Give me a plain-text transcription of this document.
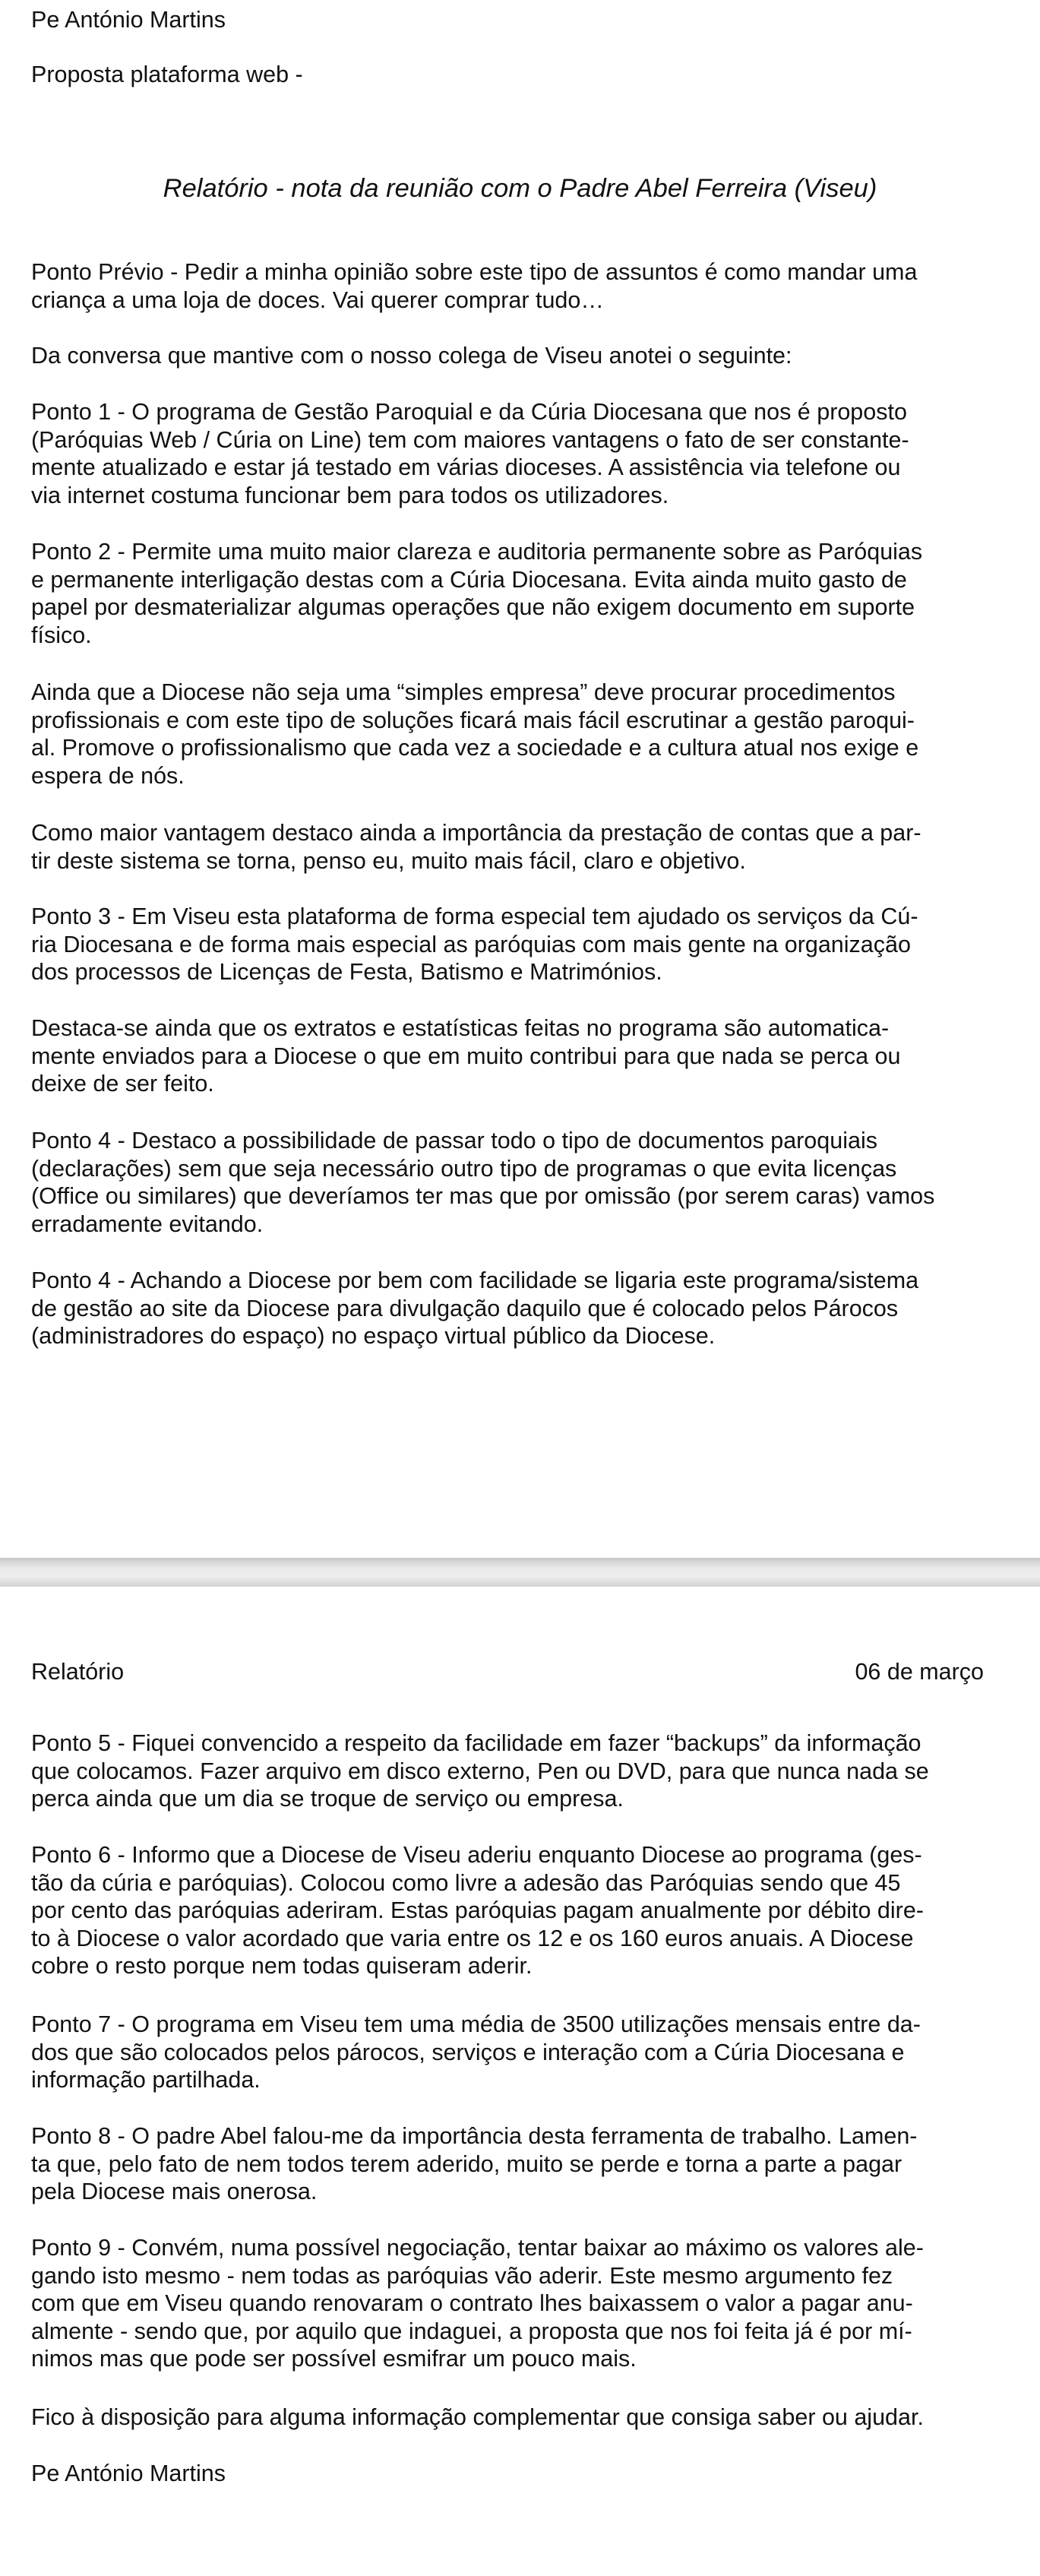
Pe António Martins
Proposta plataforma web -
Relatório - nota da reunião com o Padre Abel Ferreira (Viseu)

Ponto Prévio - Pedir a minha opinião sobre este tipo de assuntos é como mandar uma
criança a uma loja de doces. Vai querer comprar tudo…

Da conversa que mantive com o nosso colega de Viseu anotei o seguinte:

Ponto 1 - O programa de Gestão Paroquial e da Cúria Diocesana que nos é proposto
(Paróquias Web / Cúria on Line) tem com maiores vantagens o fato de ser constante-
mente atualizado e estar já testado em várias dioceses. A assistência via telefone ou
via internet costuma funcionar bem para todos os utilizadores.

Ponto 2 - Permite uma muito maior clareza e auditoria permanente sobre as Paróquias
e permanente interligação destas com a Cúria Diocesana. Evita ainda muito gasto de
papel por desmaterializar algumas operações que não exigem documento em suporte
físico.

Ainda que a Diocese não seja uma “simples empresa” deve procurar procedimentos
profissionais e com este tipo de soluções ficará mais fácil escrutinar a gestão paroqui-
al. Promove o profissionalismo que cada vez a sociedade e a cultura atual nos exige e
espera de nós.

Como maior vantagem destaco ainda a importância da prestação de contas que a par-
tir deste sistema se torna, penso eu, muito mais fácil, claro e objetivo.

Ponto 3 - Em Viseu esta plataforma de forma especial tem ajudado os serviços da Cú-
ria Diocesana e de forma mais especial as paróquias com mais gente na organização
dos processos de Licenças de Festa, Batismo e Matrimónios.

Destaca-se ainda que os extratos e estatísticas feitas no programa são automatica-
mente enviados para a Diocese o que em muito contribui para que nada se perca ou
deixe de ser feito.

Ponto 4 - Destaco a possibilidade de passar todo o tipo de documentos paroquiais
(declarações) sem que seja necessário outro tipo de programas o que evita licenças
(Office ou similares) que deveríamos ter mas que por omissão (por serem caras) vamos
erradamente evitando.

Ponto 4 - Achando a Diocese por bem com facilidade se ligaria este programa/sistema
de gestão ao site da Diocese para divulgação daquilo que é colocado pelos Párocos
(administradores do espaço) no espaço virtual público da Diocese.

Relatório	06 de março

Ponto 5 - Fiquei convencido a respeito da facilidade em fazer “backups” da informação
que colocamos. Fazer arquivo em disco externo, Pen ou DVD, para que nunca nada se
perca ainda que um dia se troque de serviço ou empresa.

Ponto 6 - Informo que a Diocese de Viseu aderiu enquanto Diocese ao programa (ges-
tão da cúria e paróquias). Colocou como livre a adesão das Paróquias sendo que 45
por cento das paróquias aderiram. Estas paróquias pagam anualmente por débito dire-
to à Diocese o valor acordado que varia entre os 12 e os 160 euros anuais. A Diocese
cobre o resto porque nem todas quiseram aderir.

Ponto 7 - O programa em Viseu tem uma média de 3500 utilizações mensais entre da-
dos que são colocados pelos párocos, serviços e interação com a Cúria Diocesana e
informação partilhada.

Ponto 8 - O padre Abel falou-me da importância desta ferramenta de trabalho. Lamen-
ta que, pelo fato de nem todos terem aderido, muito se perde e torna a parte a pagar
pela Diocese mais onerosa.

Ponto 9 - Convém, numa possível negociação, tentar baixar ao máximo os valores ale-
gando isto mesmo - nem todas as paróquias vão aderir. Este mesmo argumento fez
com que em Viseu quando renovaram o contrato lhes baixassem o valor a pagar anu-
almente - sendo que, por aquilo que indaguei, a proposta que nos foi feita já é por mí-
nimos mas que pode ser possível esmifrar um pouco mais.

Fico à disposição para alguma informação complementar que consiga saber ou ajudar.

Pe António Martins
